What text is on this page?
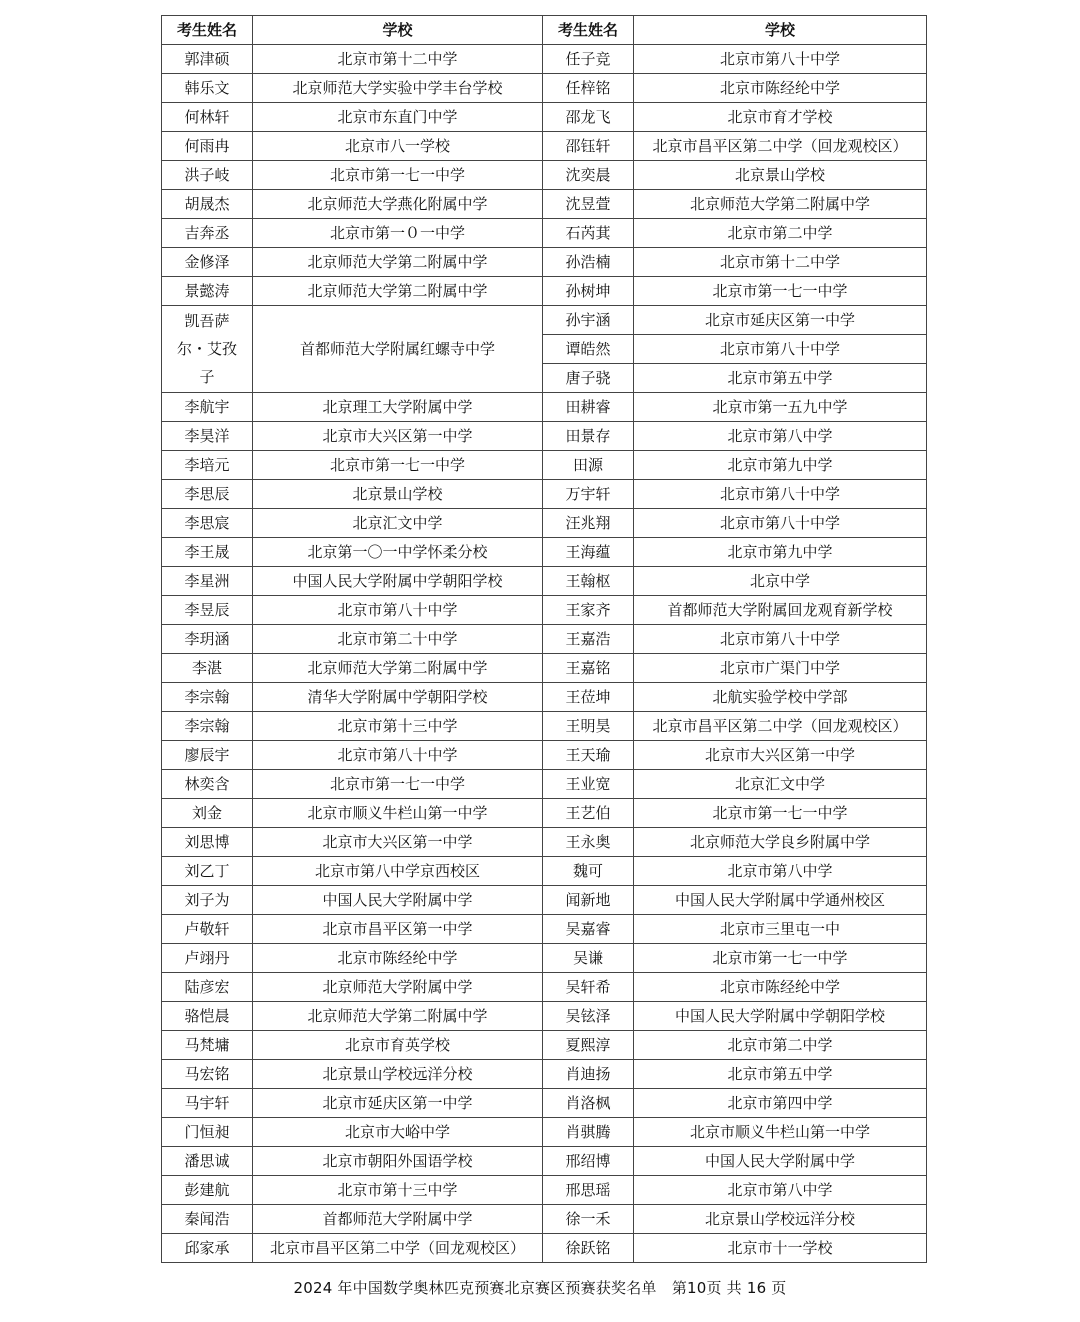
考生姓名	学校	考生姓名	学校
郭津硕	北京市第十二中学	任子竞	北京市第八十中学
韩乐文	北京师范大学实验中学丰台学校	任梓铭	北京市陈经纶中学
何林轩	北京市东直门中学	邵龙飞	北京市育才学校
何雨冉	北京市八一学校	邵钰轩	北京市昌平区第二中学（回龙观校区）
洪子岐	北京市第一七一中学	沈奕晨	北京景山学校
胡晟杰	北京师范大学燕化附属中学	沈昱萱	北京师范大学第二附属中学
吉奔丞	北京市第一０一中学	石芮萁	北京市第二中学
金修泽	北京师范大学第二附属中学	孙浩楠	北京市第十二中学
景懿涛	北京师范大学第二附属中学	孙树坤	北京市第一七一中学
凯吾萨尔・艾孜子	首都师范大学附属红螺寺中学	孙宇涵	北京市延庆区第一中学
		谭皓然	北京市第八十中学
		唐子骁	北京市第五中学
李航宇	北京理工大学附属中学	田耕睿	北京市第一五九中学
李昊洋	北京市大兴区第一中学	田景存	北京市第八中学
李培元	北京市第一七一中学	田源	北京市第九中学
李思辰	北京景山学校	万宇轩	北京市第八十中学
李思宸	北京汇文中学	汪兆翔	北京市第八十中学
李王晟	北京第一〇一中学怀柔分校	王海蕴	北京市第九中学
李星洲	中国人民大学附属中学朝阳学校	王翰枢	北京中学
李昱辰	北京市第八十中学	王家齐	首都师范大学附属回龙观育新学校
李玥涵	北京市第二十中学	王嘉浩	北京市第八十中学
李湛	北京师范大学第二附属中学	王嘉铭	北京市广渠门中学
李宗翰	清华大学附属中学朝阳学校	王莅坤	北航实验学校中学部
李宗翰	北京市第十三中学	王明昊	北京市昌平区第二中学（回龙观校区）
廖辰宇	北京市第八十中学	王天瑜	北京市大兴区第一中学
林奕含	北京市第一七一中学	王业宽	北京汇文中学
刘金	北京市顺义牛栏山第一中学	王艺伯	北京市第一七一中学
刘思博	北京市大兴区第一中学	王永奥	北京师范大学良乡附属中学
刘乙丁	北京市第八中学京西校区	魏可	北京市第八中学
刘子为	中国人民大学附属中学	闻新地	中国人民大学附属中学通州校区
卢敬轩	北京市昌平区第一中学	吴嘉睿	北京市三里屯一中
卢翊丹	北京市陈经纶中学	吴谦	北京市第一七一中学
陆彦宏	北京师范大学附属中学	吴轩希	北京市陈经纶中学
骆恺晨	北京师范大学第二附属中学	吴铉泽	中国人民大学附属中学朝阳学校
马梵墉	北京市育英学校	夏熙淳	北京市第二中学
马宏铭	北京景山学校远洋分校	肖迪扬	北京市第五中学
马宇轩	北京市延庆区第一中学	肖洛枫	北京市第四中学
门恒昶	北京市大峪中学	肖骐腾	北京市顺义牛栏山第一中学
潘思诚	北京市朝阳外国语学校	邢绍博	中国人民大学附属中学
彭建航	北京市第十三中学	邢思瑶	北京市第八中学
秦闻浩	首都师范大学附属中学	徐一禾	北京景山学校远洋分校
邱家承	北京市昌平区第二中学（回龙观校区）	徐跃铭	北京市十一学校
2024 年中国数学奥林匹克预赛北京赛区预赛获奖名单　第10页 共 16 页
